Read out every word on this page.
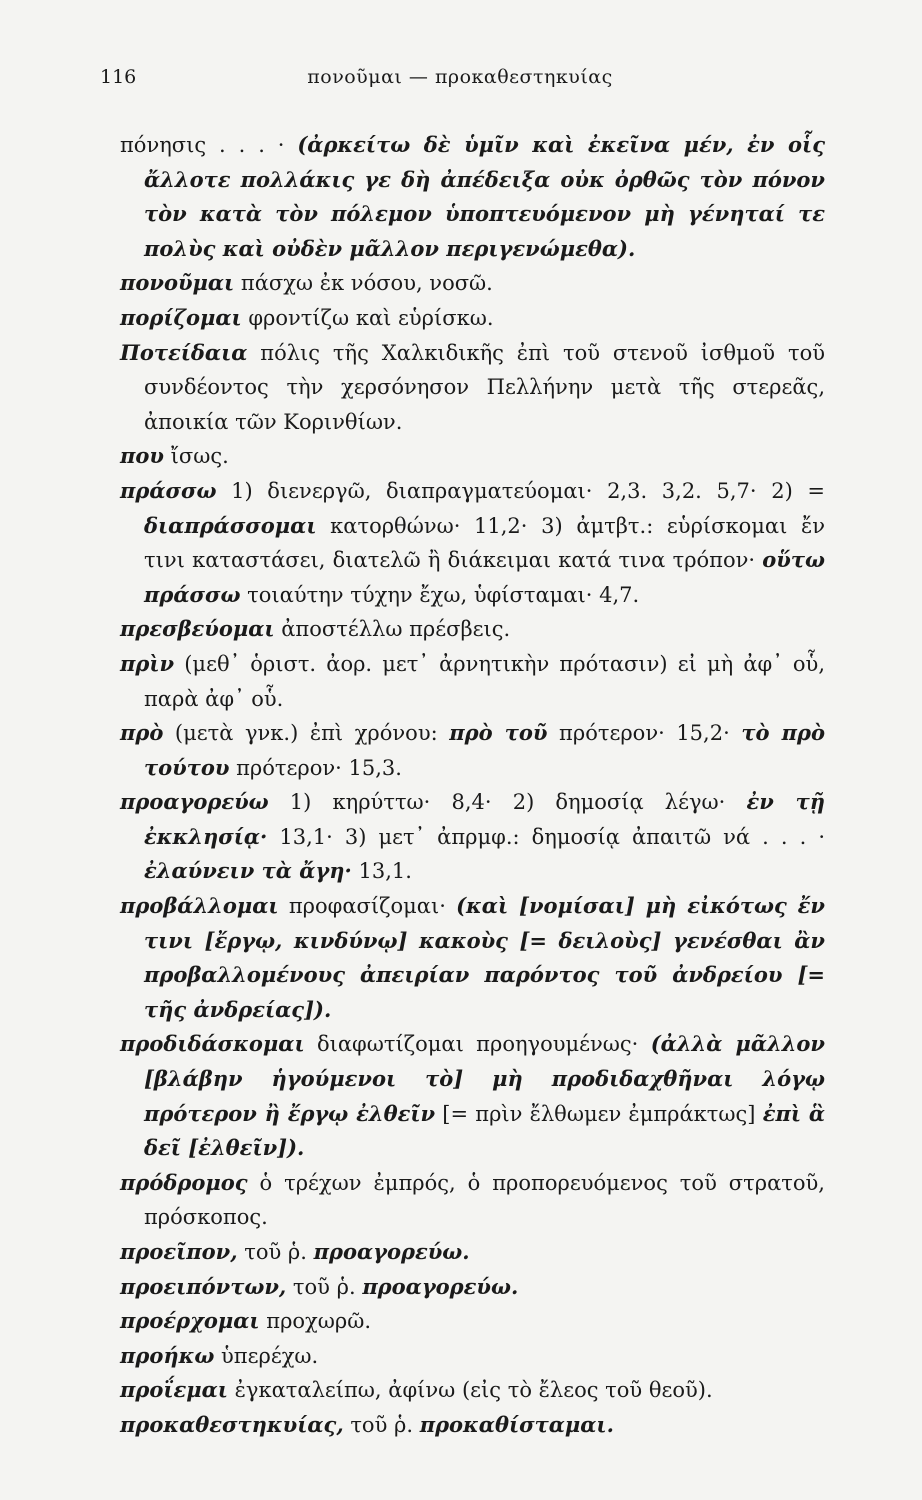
116	πονοῦμαι — προκαθεστηκυίας

πόνησις . . . · (ἀρκείτω δὲ ὑμῖν καὶ ἐκεῖνα μέν, ἐν οἷς ἄλλοτε πολλάκις γε δὴ ἀπέδειξα οὐκ ὀρθῶς τὸν πόνον τὸν κατὰ τὸν πόλεμον ὑποπτευόμενον μὴ γένηταί τε πολὺς καὶ οὐδὲν μᾶλλον περιγενώμεθα).

πονοῦμαι πάσχω ἐκ νόσου, νοσῶ.

πορίζομαι φροντίζω καὶ εὑρίσκω.

Ποτείδαια πόλις τῆς Χαλκιδικῆς ἐπὶ τοῦ στενοῦ ἰσθμοῦ τοῦ συνδέοντος τὴν χερσόνησον Πελλήνην μετὰ τῆς στερεᾶς, ἀποικία τῶν Κορινθίων.

που ἴσως.

πράσσω 1) διενεργῶ, διαπραγματεύομαι· 2,3. 3,2. 5,7· 2) = διαπράσσομαι κατορθώνω· 11,2· 3) ἀμτβτ.: εὑρίσκομαι ἔν τινι καταστάσει, διατελῶ ἢ διάκειμαι κατά τινα τρόπον· οὕτω πράσσω τοιαύτην τύχην ἔχω, ὑφίσταμαι· 4,7.

πρεσβεύομαι ἀποστέλλω πρέσβεις.

πρὶν (μεθ᾽ ὁριστ. ἀορ. μετ᾽ ἀρνητικὴν πρότασιν) εἰ μὴ ἀφ᾽ οὗ, παρὰ ἀφ᾽ οὗ.

πρὸ (μετὰ γνκ.) ἐπὶ χρόνου: πρὸ τοῦ πρότερον· 15,2· τὸ πρὸ τούτου πρότερον· 15,3.

προαγορεύω 1) κηρύττω· 8,4· 2) δημοσίᾳ λέγω· ἐν τῇ ἐκκλησίᾳ· 13,1· 3) μετ᾽ ἀπρμφ.: δημοσίᾳ ἀπαιτῶ νά . . . · ἐλαύνειν τὰ ἄγη· 13,1.

προβάλλομαι προφασίζομαι· (καὶ [νομίσαι] μὴ εἰκότως ἔν τινι [ἔργῳ, κινδύνῳ] κακοὺς [= δειλοὺς] γενέσθαι ἂν προβαλλομένους ἀπειρίαν παρόντος τοῦ ἀνδρείου [= τῆς ἀνδρείας]).

προδιδάσκομαι διαφωτίζομαι προηγουμένως· (ἀλλὰ μᾶλλον [βλάβην ἡγούμενοι τὸ] μὴ προδιδαχθῆναι λόγῳ πρότερον ἢ ἔργῳ ἐλθεῖν [= πρὶν ἔλθωμεν ἐμπράκτως] ἐπὶ ἃ δεῖ [ἐλθεῖν]).

πρόδρομος ὁ τρέχων ἐμπρός, ὁ προπορευόμενος τοῦ στρατοῦ, πρόσκοπος.

προεῖπον, τοῦ ῥ. προαγορεύω.

προειπόντων, τοῦ ῥ. προαγορεύω.

προέρχομαι προχωρῶ.

προήκω ὑπερέχω.

προΐεμαι ἐγκαταλείπω, ἀφίνω (εἰς τὸ ἔλεος τοῦ θεοῦ).

προκαθεστηκυίας, τοῦ ῥ. προκαθίσταμαι.
